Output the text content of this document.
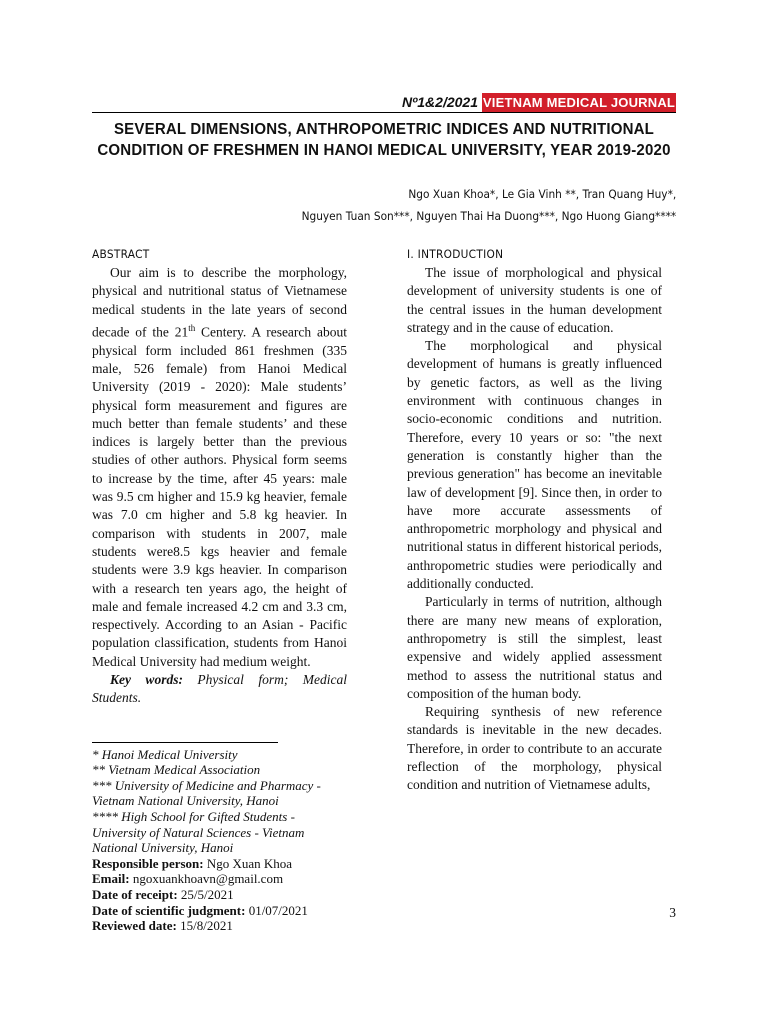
Nº1&2/2021 VIETNAM MEDICAL JOURNAL
SEVERAL DIMENSIONS, ANTHROPOMETRIC INDICES AND NUTRITIONAL
CONDITION OF FRESHMEN IN HANOI MEDICAL UNIVERSITY, YEAR 2019-2020
Ngo Xuan Khoa*, Le Gia Vinh **, Tran Quang Huy*,
Nguyen Tuan Son***, Nguyen Thai Ha Duong***, Ngo Huong Giang****
ABSTRACT

Our aim is to describe the morphology, physical and nutritional status of Vietnamese medical students in the late years of second decade of the 21th Centery. A research about physical form included 861 freshmen (335 male, 526 female) from Hanoi Medical University (2019 - 2020): Male students’ physical form measurement and figures are much better than female students’ and these indices is largely better than the previous studies of other authors. Physical form seems to increase by the time, after 45 years: male was 9.5 cm higher and 15.9 kg heavier, female was 7.0 cm higher and 5.8 kg heavier. In comparison with students in 2007, male students were8.5 kgs heavier and female students were 3.9 kgs heavier. In comparison with a research ten years ago, the height of male and female increased 4.2 cm and 3.3 cm, respectively. According to an Asian - Pacific population classification, students from Hanoi Medical University had medium weight.

Key words: Physical form; Medical Students.

* Hanoi Medical University

** Vietnam Medical Association

*** University of Medicine and Pharmacy - Vietnam National University, Hanoi

**** High School for Gifted Students - University of Natural Sciences - Vietnam National University, Hanoi

Responsible person: Ngo Xuan Khoa

Email: ngoxuankhoavn@gmail.com

Date of receipt: 25/5/2021

Date of scientific judgment: 01/07/2021

Reviewed date: 15/8/2021

I. INTRODUCTION

The issue of morphological and physical development of university students is one of the central issues in the human development strategy and in the cause of education.

The morphological and physical development of humans is greatly influenced by genetic factors, as well as the living environment with continuous changes in socio-economic conditions and nutrition. Therefore, every 10 years or so: "the next generation is constantly higher than the previous generation" has become an inevitable law of development [9]. Since then, in order to have more accurate assessments of anthropometric morphology and physical and nutritional status in different historical periods, anthropometric studies were periodically and additionally conducted.

Particularly in terms of nutrition, although there are many new means of exploration, anthropometry is still the simplest, least expensive and widely applied assessment method to assess the nutritional status and composition of the human body.

Requiring synthesis of new reference standards is inevitable in the new decades. Therefore, in order to contribute to an accurate reflection of the morphology, physical condition and nutrition of Vietnamese adults,

3
